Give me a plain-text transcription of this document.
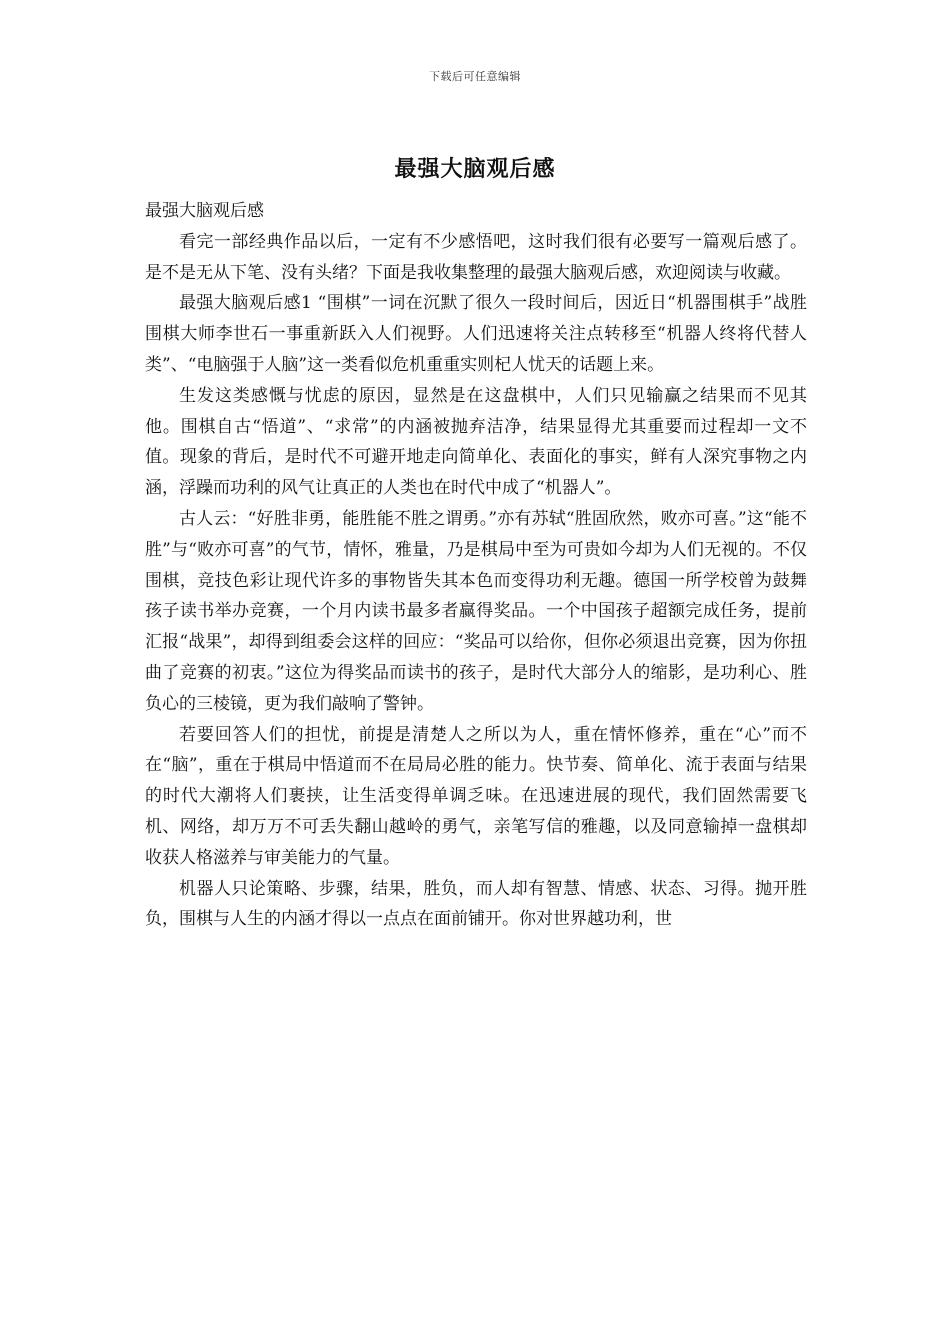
下载后可任意编辑
最强大脑观后感

最强大脑观后感

看完一部经典作品以后，一定有不少感悟吧，这时我们很有必要写一篇观后感了。是不是无从下笔、没有头绪？下面是我收集整理的最强大脑观后感，欢迎阅读与收藏。

最强大脑观后感1 “围棋”一词在沉默了很久一段时间后，因近日“机器围棋手”战胜围棋大师李世石一事重新跃入人们视野。人们迅速将关注点转移至“机器人终将代替人类”、“电脑强于人脑”这一类看似危机重重实则杞人忧天的话题上来。

生发这类感慨与忧虑的原因，显然是在这盘棋中，人们只见输赢之结果而不见其他。围棋自古“悟道”、“求常”的内涵被抛弃洁净，结果显得尤其重要而过程却一文不值。现象的背后，是时代不可避开地走向简单化、表面化的事实，鲜有人深究事物之内涵，浮躁而功利的风气让真正的人类也在时代中成了“机器人”。

古人云：“好胜非勇，能胜能不胜之谓勇。”亦有苏轼“胜固欣然，败亦可喜。”这“能不胜”与“败亦可喜”的气节，情怀，雅量，乃是棋局中至为可贵如今却为人们无视的。不仅围棋，竞技色彩让现代许多的事物皆失其本色而变得功利无趣。德国一所学校曾为鼓舞孩子读书举办竞赛，一个月内读书最多者赢得奖品。一个中国孩子超额完成任务，提前汇报“战果”，却得到组委会这样的回应：“奖品可以给你，但你必须退出竞赛，因为你扭曲了竞赛的初衷。”这位为得奖品而读书的孩子，是时代大部分人的缩影，是功利心、胜负心的三棱镜，更为我们敲响了警钟。

若要回答人们的担忧，前提是清楚人之所以为人，重在情怀修养，重在“心”而不在“脑”，重在于棋局中悟道而不在局局必胜的能力。快节奏、简单化、流于表面与结果的时代大潮将人们裹挟，让生活变得单调乏味。在迅速进展的现代，我们固然需要飞机、网络，却万万不可丢失翻山越岭的勇气，亲笔写信的雅趣，以及同意输掉一盘棋却收获人格滋养与审美能力的气量。

机器人只论策略、步骤，结果，胜负，而人却有智慧、情感、状态、习得。抛开胜负，围棋与人生的内涵才得以一点点在面前铺开。你对世界越功利，世
